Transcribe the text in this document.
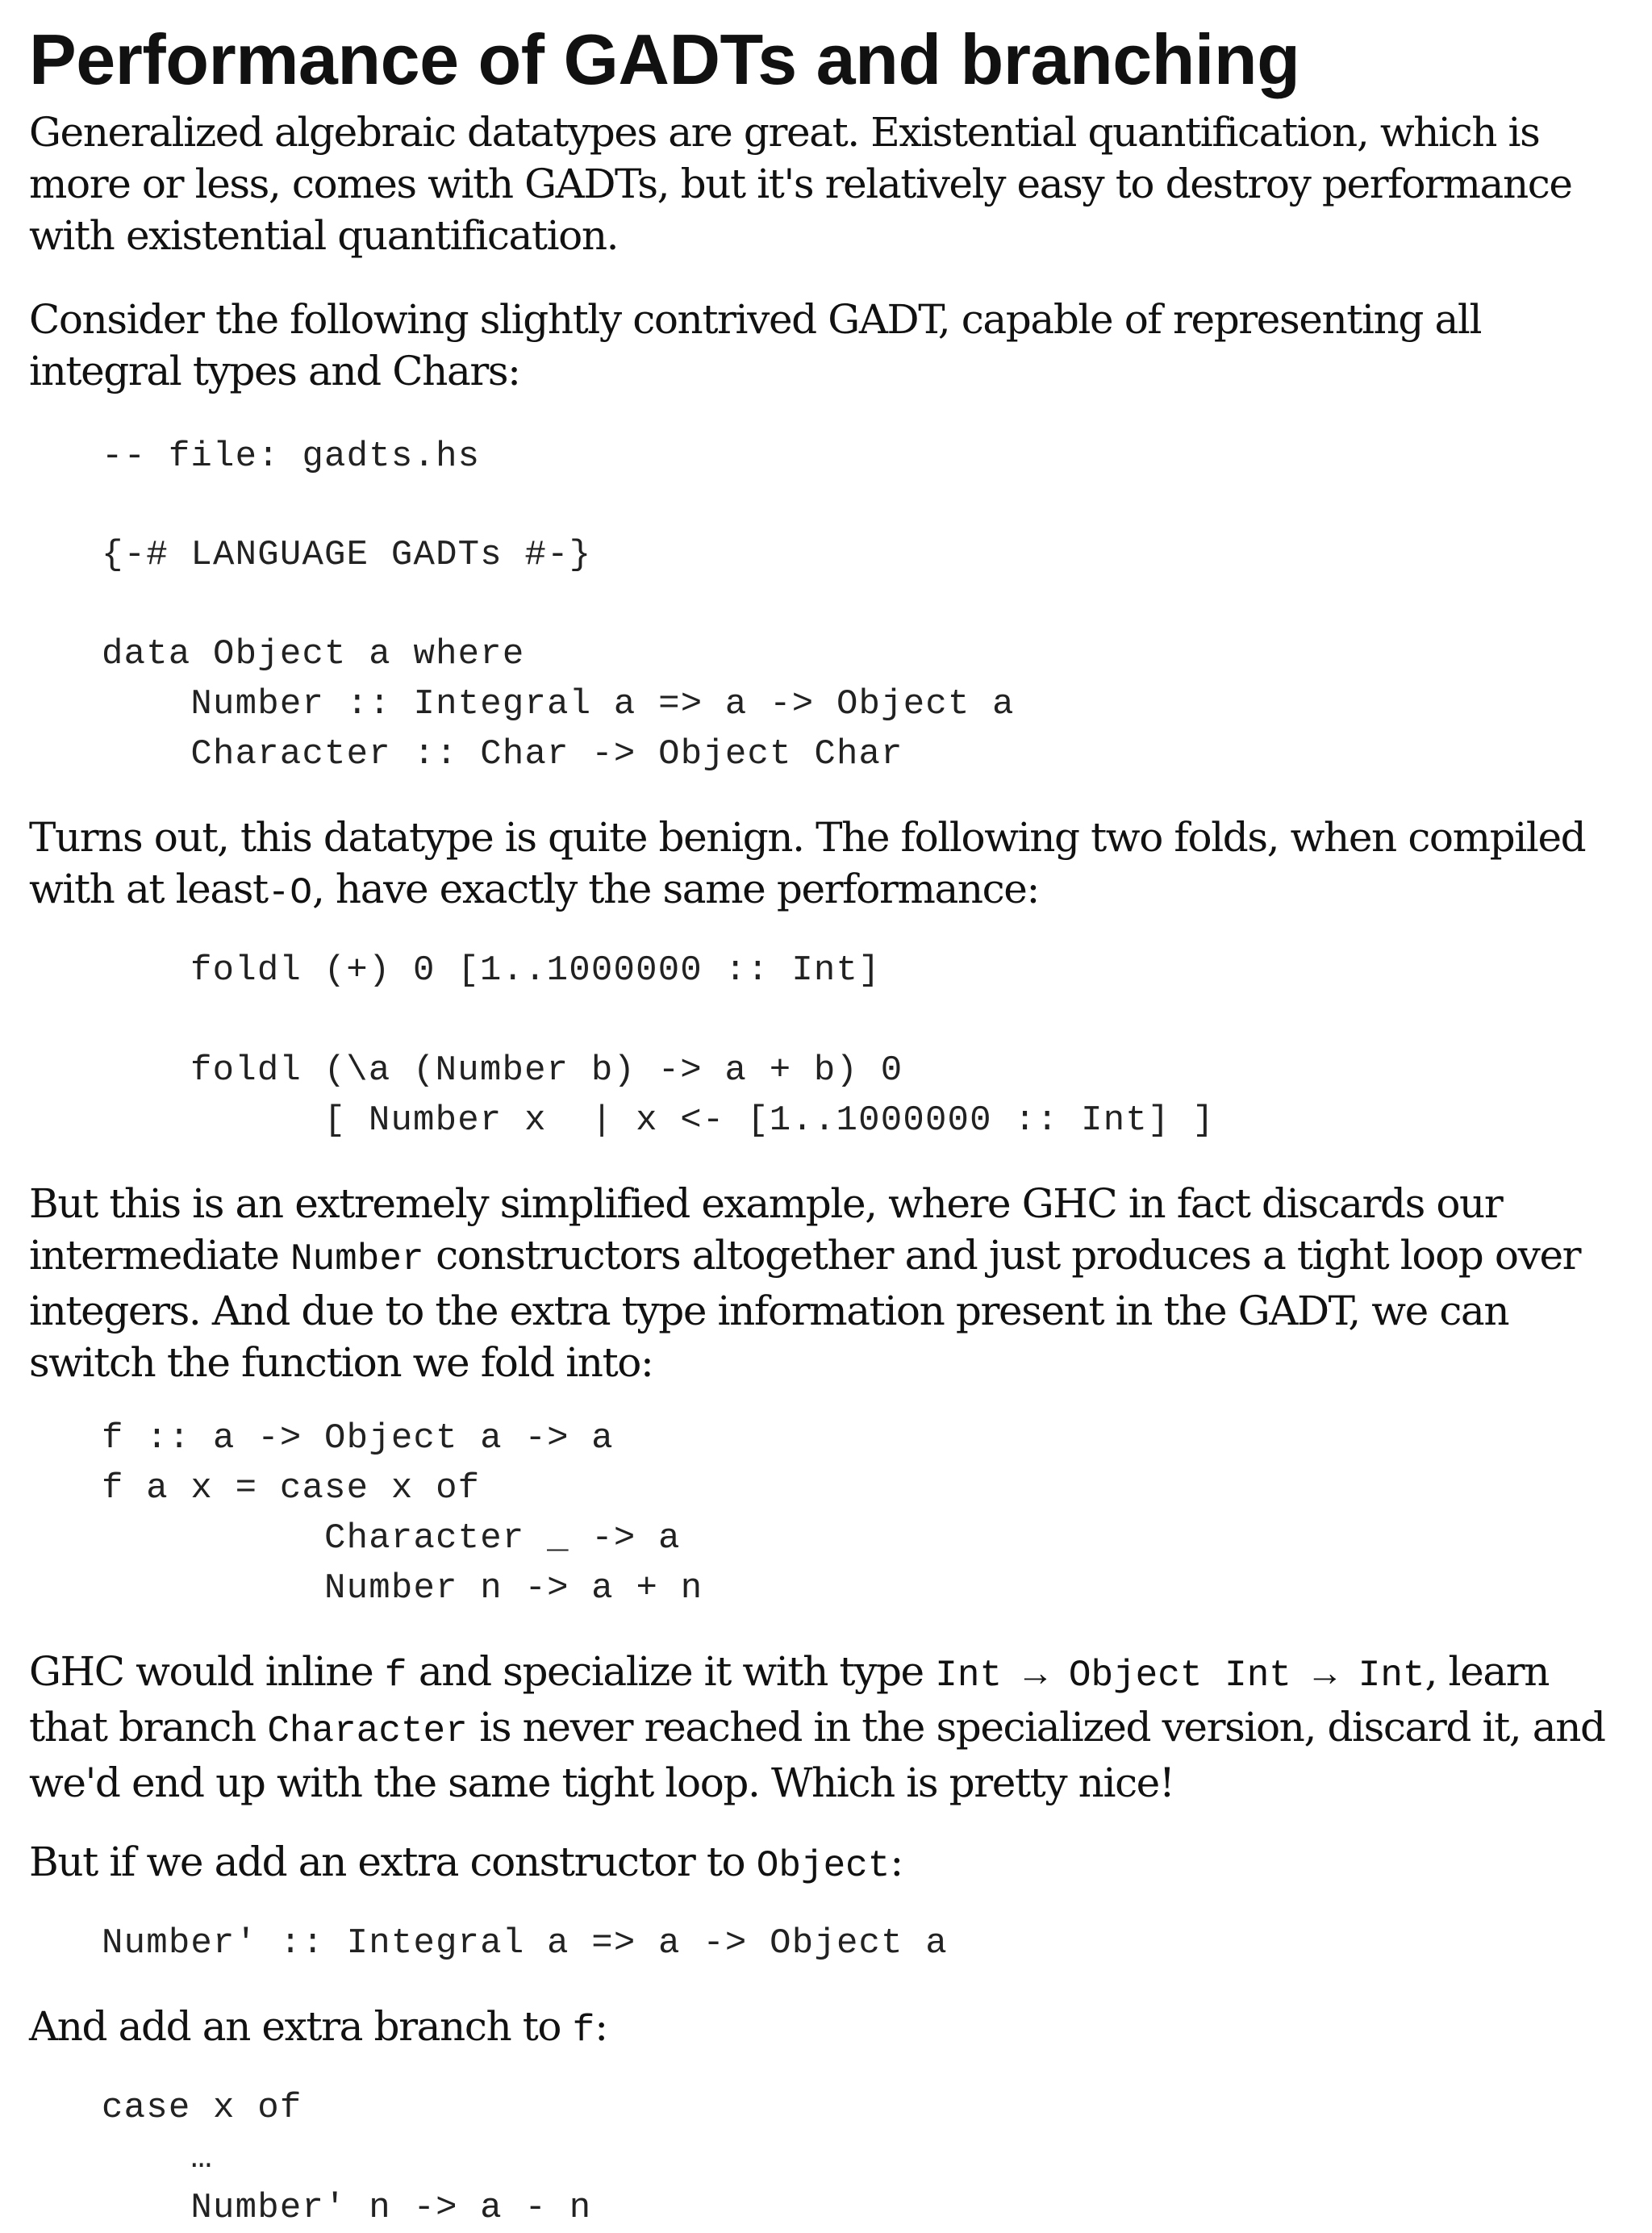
Performance of GADTs and branching

Generalized algebraic datatypes are great. Existential quantification, which is more or less, comes with GADTs, but it's relatively easy to destroy performance with existential quantification.

Consider the following slightly contrived GADT, capable of representing all integral types and Chars:

-- file: gadts.hs
{-# LANGUAGE GADTs #-}
data Object a where
Number :: Integral a => a -> Object a
Character :: Char -> Object Char

Turns out, this datatype is quite benign. The following two folds, when compiled with at least-O, have exactly the same performance:

foldl (+) 0 [1..1000000 :: Int]
foldl (\a (Number b) -> a + b) 0
[ Number x  | x <- [1..1000000 :: Int] ]

But this is an extremely simplified example, where GHC in fact discards our intermediate Number constructors altogether and just produces a tight loop over integers. And due to the extra type information present in the GADT, we can switch the function we fold into:

f :: a -> Object a -> a
f a x = case x of
Character _ -> a
Number n -> a + n

GHC would inline f and specialize it with type Int → Object Int → Int, learn that branch Character is never reached in the specialized version, discard it, and we'd end up with the same tight loop. Which is pretty nice!

But if we add an extra constructor to Object:

Number' :: Integral a => a -> Object a

And add an extra branch to f:

case x of
…
Number' n -> a - n
